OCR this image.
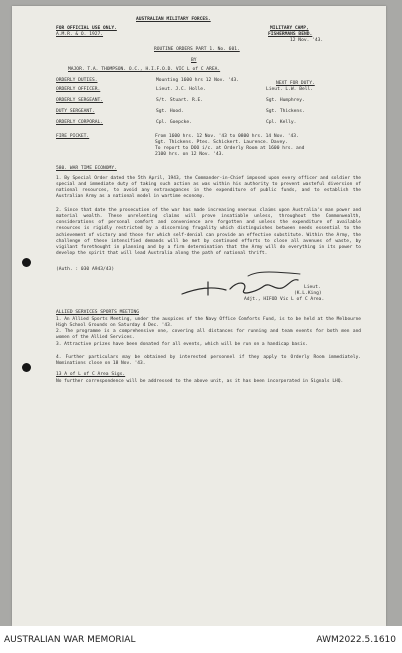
AUSTRALIAN MILITARY FORCES.
FOR OFFICIAL USE ONLY.
A.M.R. & O. 1927.
MILITARY CAMP,
FISHERMANS BEND.
12 Nov. '43.
ROUTINE ORDERS PART 1. No. 601.
BY
MAJOR. T.A. THOMPSON. O.C., H.I.F.O.D. VIC L of C AREA.
ORDERLY DUTIES.	Mounting 1600 hrs 12 Nov. '43.
NEXT FOR DUTY.
ORDERLY OFFICER.	Lieut. J.C. Holle.	Lieut. L.W. Bell.
ORDERLY SERGEANT.	S/t. Stuart. R.E.	Sgt. Humphrey.
DUTY SERGEANT.	Sgt. Hood.	Sgt. Thickens.
ORDERLY CORPORAL.	Cpl. Goepcke.	Cpl. Kelly.
FIRE PICKET.	From 1600 hrs. 12 Nov. '43 to 0800 hrs. 14 Nov. '43.
Sgt. Thickens. Ptes. Schickert. Laurence. Davey.
To report to DOO i/c. at Orderly Room at 1600 hrs. and
2100 hrs. on 12 Nov. '43.
580. WAR TIME ECONOMY.
1. By Special Order dated the 5th April, 1943, the Commander-in-Chief imposed upon every officer and soldier the special and immediate duty of taking such action as was within his authority to prevent wasteful diversion of national resources, to avoid any extravagances in the expenditure of public funds, and to establish the Australian Army as a national model in wartime economy.
2. Since that date the prosecution of the war has made increasing onerous claims upon Australia's man power and material wealth. These unrelenting claims will prove insatiable unless, throughout the Commonwealth, considerations of personal comfort and convenience are forgotten and unless the expenditure of available resources is rigidly restricted by a discerning frugality which distinguishes between needs essential to the achievement of victory and those for which self-denial can provide an effective substitute. Within the Army, the challenge of these intensified demands will be met by continued efforts to close all avenues of waste, by vigilant forethought in planning and by a firm determination that the Army will do everything in its power to develop the spirit that will lead Australia along the path of national thrift.
(Auth. : 030 A943/43)
Lieut.
(K.L.King)
Adjt., HIFOD Vic L of C Area.
ALLIED SERVICES SPORTS MEETING
1. An Allied Sports Meeting, under the auspices of the Navy Office Comforts Fund, is to be held at the Melbourne High School Grounds on Saturday 4 Dec. '43.
2. The programme is a comprehensive one, covering all distances for running and team events for both men and women of the Allied Services.
3. Attractive prizes have been donated for all events, which will be run on a handicap basis.
4. Further particulars may be obtained by interested personnel if they apply to Orderly Room immediately. Nominations close on 18 Nov. '43.
13 A of L of C Area Sigs.
No further correspondence will be addressed to the above unit, as it has been incorporated in Signals LHQ.
AUSTRALIAN WAR MEMORIAL	AWM2022.5.1610
